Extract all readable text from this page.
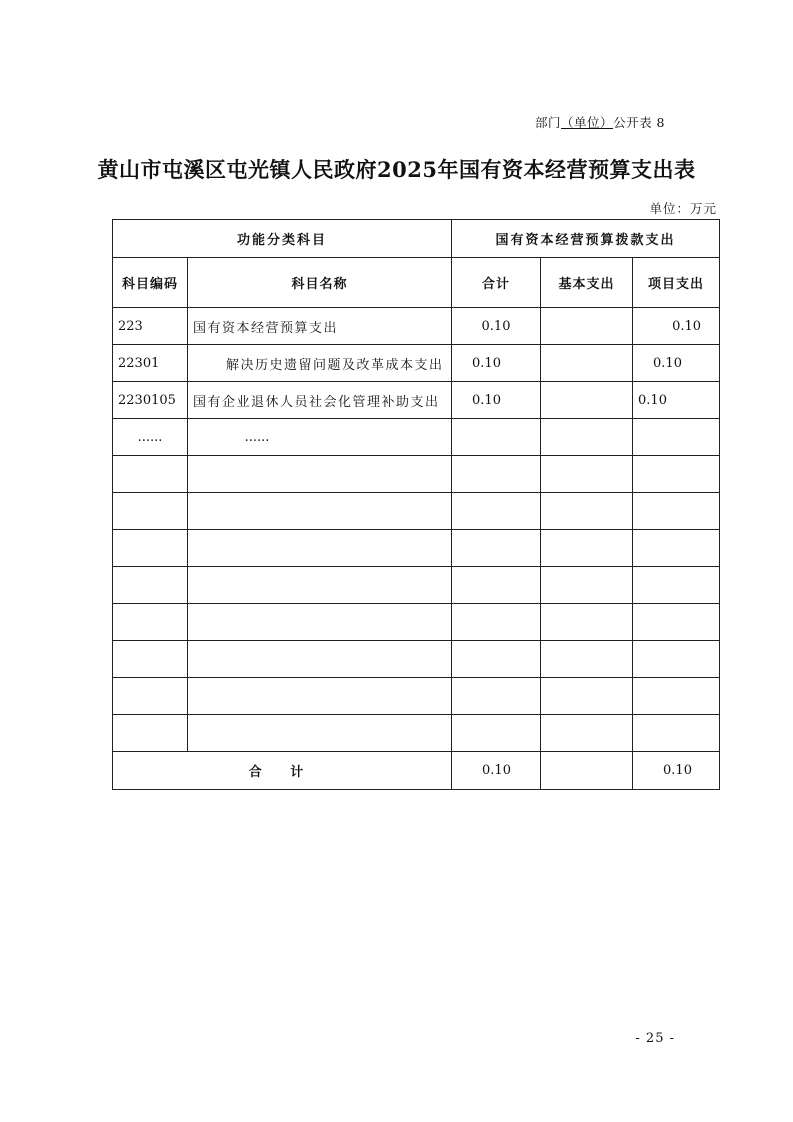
部门（单位）公开表 8
黄山市屯溪区屯光镇人民政府2025年国有资本经营预算支出表
单位：万元
功能分类科目		国有资本经营预算拨款支出		
科目编码	科目名称	合计	基本支出	项目支出
223	国有资本经营预算支出	0.10		0.10
22301	解决历史遗留问题及改革成本支出	0.10		0.10
2230105	国有企业退休人员社会化管理补助支出	0.10		0.10
......	......			

合 计		0.10		0.10
- 25 -
